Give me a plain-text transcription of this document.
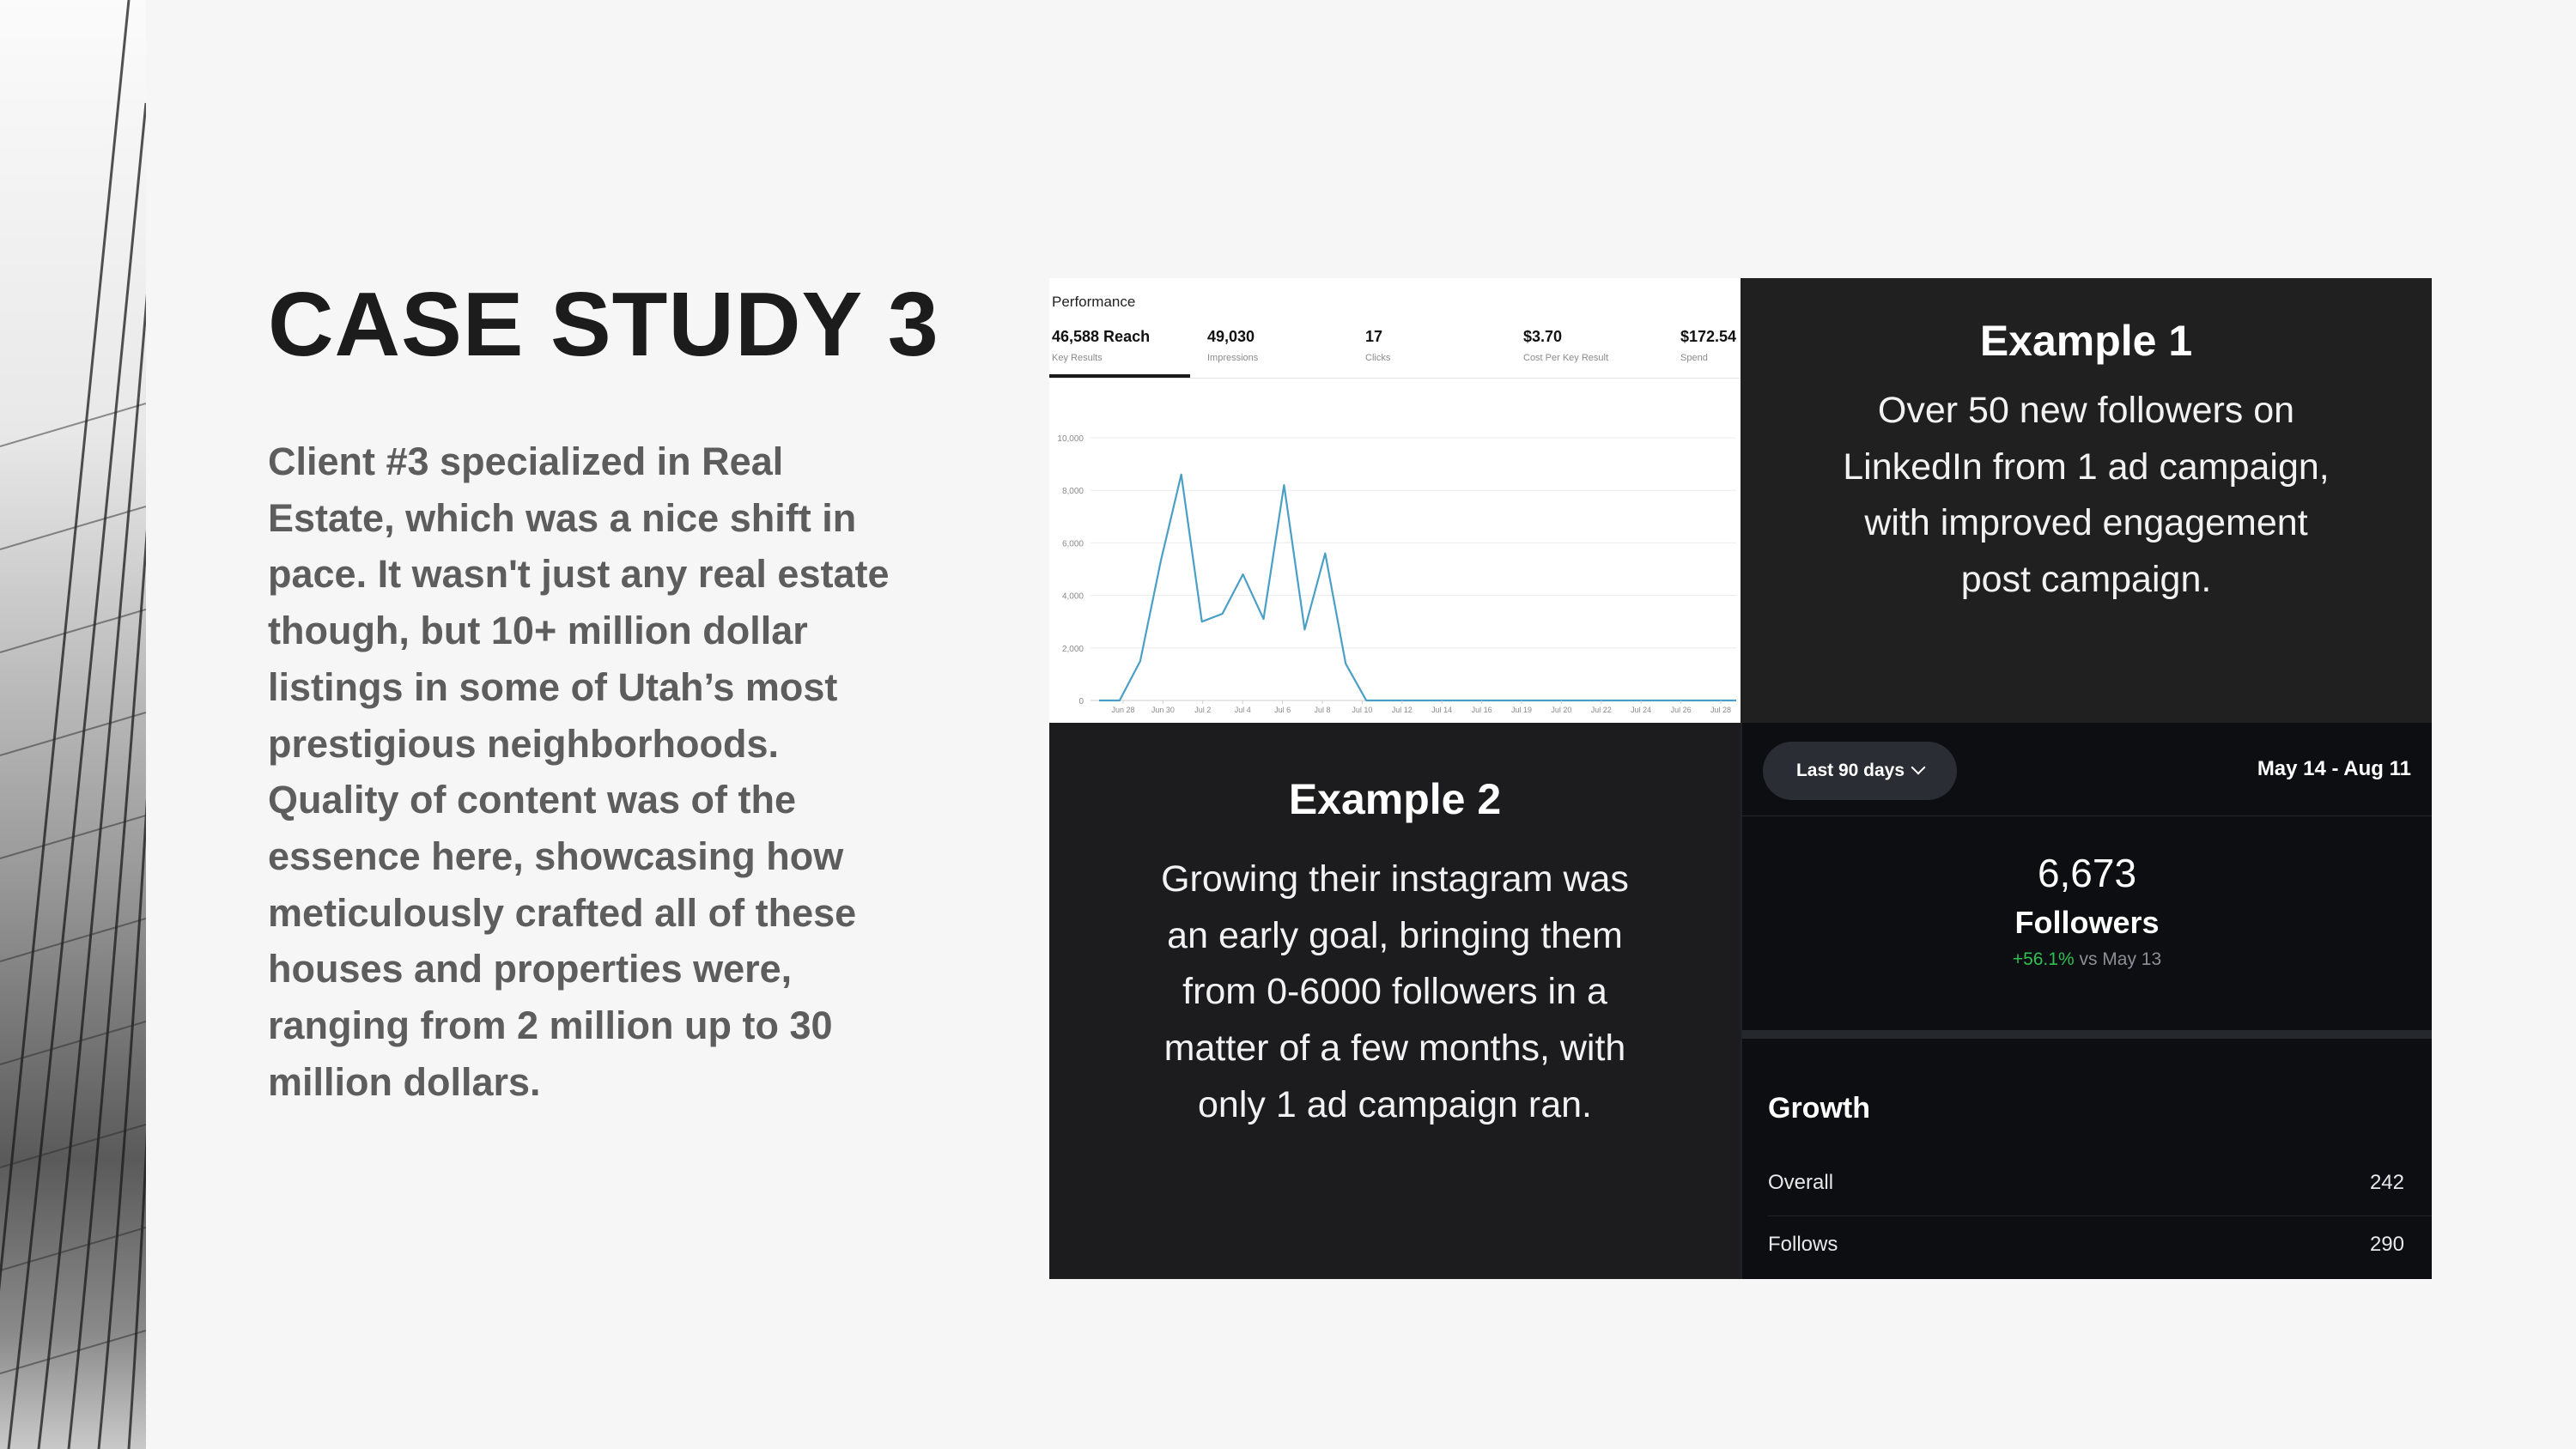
CASE STUDY 3

Client #3 specialized in Real Estate, which was a nice shift in pace. It wasn't just any real estate though, but 10+ million dollar listings in some of Utah’s most prestigious neighborhoods. Quality of content was of the essence here, showcasing how meticulously crafted all of these houses and properties were, ranging from 2 million up to 30 million dollars.

Performance
46,588 Reach
Key Results
49,030
Impressions
17
Clicks
$3.70
Cost Per Key Result
$172.54
Spend
0
2,000
4,000
6,000
8,000
10,000
Jun 28 Jun 30	Jul 2	Jul 4	Jul 6	Jul 8	Jul 10 Jul 12 Jul 14 Jul 16 Jul 19 Jul 20 Jul 22 Jul 24 Jul 26 Jul 28
Example 1

Over 50 new followers on LinkedIn from 1 ad campaign, with improved engagement post campaign.

Example 2

Growing their instagram was an early goal, bringing them from 0-6000 followers in a matter of a few months, with only 1 ad campaign ran.

Last 90 days	May 14 - Aug 11
6,673
Followers
+56.1% vs May 13
Growth
Overall	242
Follows	290
